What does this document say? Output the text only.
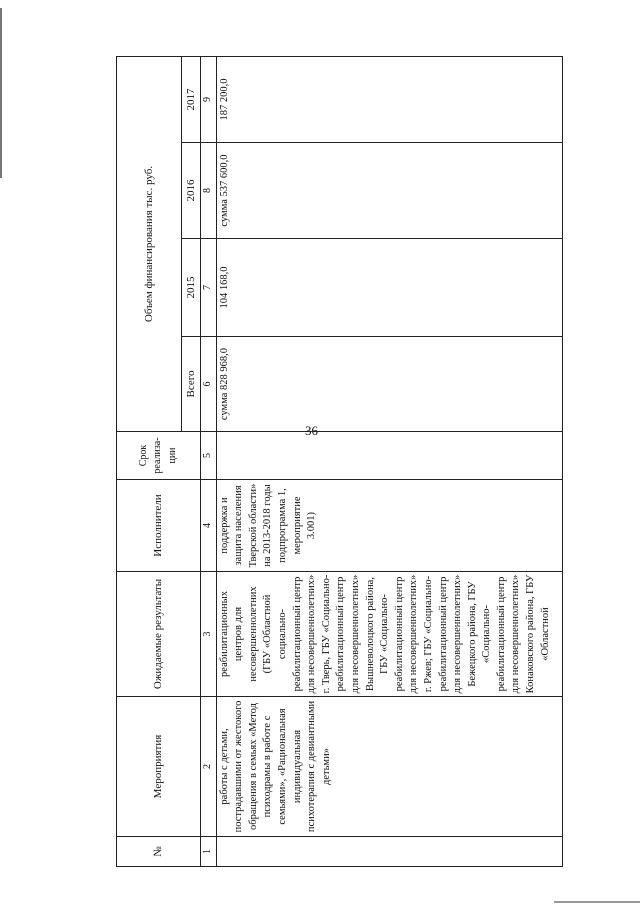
36
№	Мероприятия	Ожидаемые результаты	Исполнители	Срок реализа- ции	Объем финансирования тыс. руб.			
					Всего	2015	2016	2017
1	2	3	4	5	6	7	8	9
	работы с детьми, пострадавшими от жестокого обращения в семьях «Метод психодрамы в работе с семьями», «Рациональная индивидуальная психотерапия с девиантными детьми»	реабилитационных центров для несовершеннолетних (ГБУ «Областной социально-реабилитационный центр для несовершеннолетних» г. Тверь, ГБУ «Социально-реабилитационный центр для несовершеннолетних» Вышневолоцкого района, ГБУ «Социально-реабилитационный центр для несовершеннолетних» г. Ржев; ГБУ «Социально-реабилитационный центр для несовершеннолетних» Бежецкого района, ГБУ «Социально-реабилитационный центр для несовершеннолетних» Конаковского района, ГБУ «Областной	поддержка и защита населения Тверской области» на 2013-2018 годы подпрограмма 1, мероприятие 3.001)		сумма 828 968,0	104 168,0	сумма 537 600,0	187 200,0
